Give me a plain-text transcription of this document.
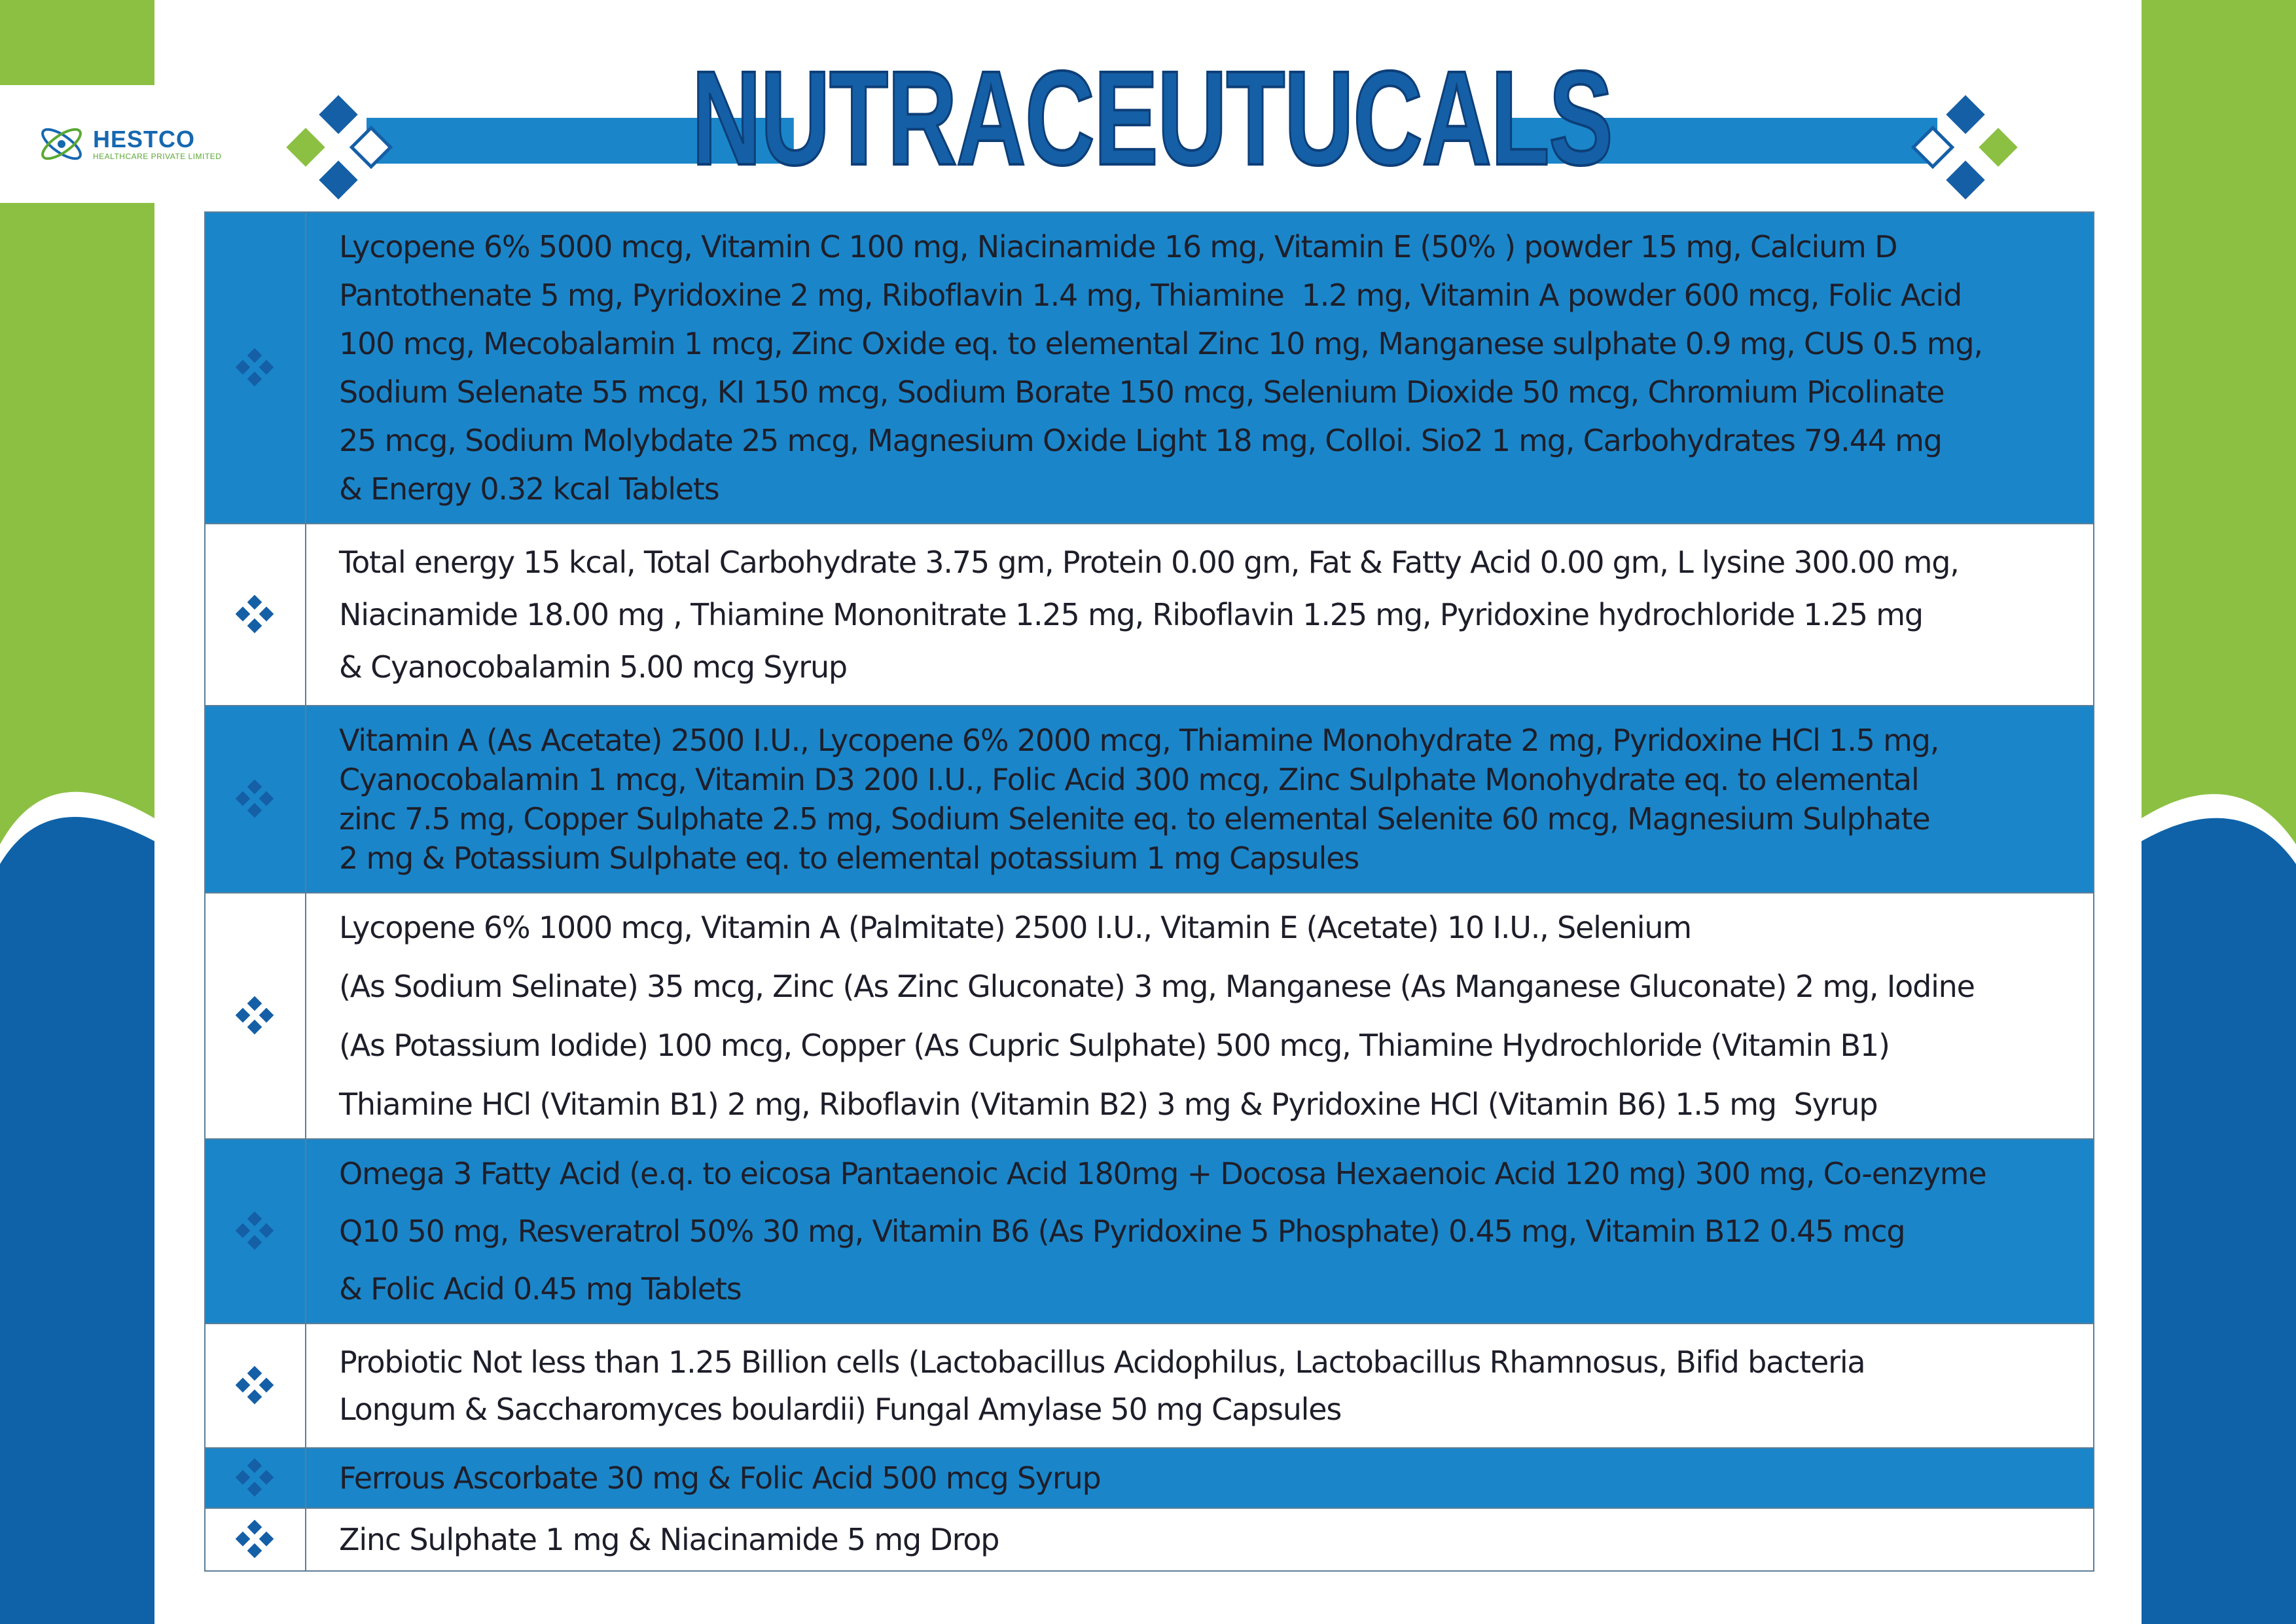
HESTCO
HEALTHCARE PRIVATE LIMITED	NUTRACEUTUCALS
Lycopene 6% 5000 mcg, Vitamin C 100 mg, Niacinamide 16 mg, Vitamin E (50% ) powder 15 mg, Calcium D
Pantothenate 5 mg, Pyridoxine 2 mg, Riboflavin 1.4 mg, Thiamine  1.2 mg, Vitamin A powder 600 mcg, Folic Acid
100 mcg, Mecobalamin 1 mcg, Zinc Oxide eq. to elemental Zinc 10 mg, Manganese sulphate 0.9 mg, CUS 0.5 mg,
Sodium Selenate 55 mcg, KI 150 mcg, Sodium Borate 150 mcg, Selenium Dioxide 50 mcg, Chromium Picolinate
25 mcg, Sodium Molybdate 25 mcg, Magnesium Oxide Light 18 mg, Colloi. Sio2 1 mg, Carbohydrates 79.44 mg
& Energy 0.32 kcal Tablets
Total energy 15 kcal, Total Carbohydrate 3.75 gm, Protein 0.00 gm, Fat & Fatty Acid 0.00 gm, L lysine 300.00 mg,
Niacinamide 18.00 mg , Thiamine Mononitrate 1.25 mg, Riboflavin 1.25 mg, Pyridoxine hydrochloride 1.25 mg
& Cyanocobalamin 5.00 mcg Syrup
Vitamin A (As Acetate) 2500 I.U., Lycopene 6% 2000 mcg, Thiamine Monohydrate 2 mg, Pyridoxine HCl 1.5 mg,
Cyanocobalamin 1 mcg, Vitamin D3 200 I.U., Folic Acid 300 mcg, Zinc Sulphate Monohydrate eq. to elemental
zinc 7.5 mg, Copper Sulphate 2.5 mg, Sodium Selenite eq. to elemental Selenite 60 mcg, Magnesium Sulphate
2 mg & Potassium Sulphate eq. to elemental potassium 1 mg Capsules
Lycopene 6% 1000 mcg, Vitamin A (Palmitate) 2500 I.U., Vitamin E (Acetate) 10 I.U., Selenium
(As Sodium Selinate) 35 mcg, Zinc (As Zinc Gluconate) 3 mg, Manganese (As Manganese Gluconate) 2 mg, Iodine
(As Potassium Iodide) 100 mcg, Copper (As Cupric Sulphate) 500 mcg, Thiamine Hydrochloride (Vitamin B1)
Thiamine HCl (Vitamin B1) 2 mg, Riboflavin (Vitamin B2) 3 mg & Pyridoxine HCl (Vitamin B6) 1.5 mg  Syrup
Omega 3 Fatty Acid (e.q. to eicosa Pantaenoic Acid 180mg + Docosa Hexaenoic Acid 120 mg) 300 mg, Co-enzyme
Q10 50 mg, Resveratrol 50% 30 mg, Vitamin B6 (As Pyridoxine 5 Phosphate) 0.45 mg, Vitamin B12 0.45 mcg
& Folic Acid 0.45 mg Tablets
Probiotic Not less than 1.25 Billion cells (Lactobacillus Acidophilus, Lactobacillus Rhamnosus, Bifid bacteria
Longum & Saccharomyces boulardii) Fungal Amylase 50 mg Capsules
Ferrous Ascorbate 30 mg & Folic Acid 500 mcg Syrup
Zinc Sulphate 1 mg & Niacinamide 5 mg Drop
